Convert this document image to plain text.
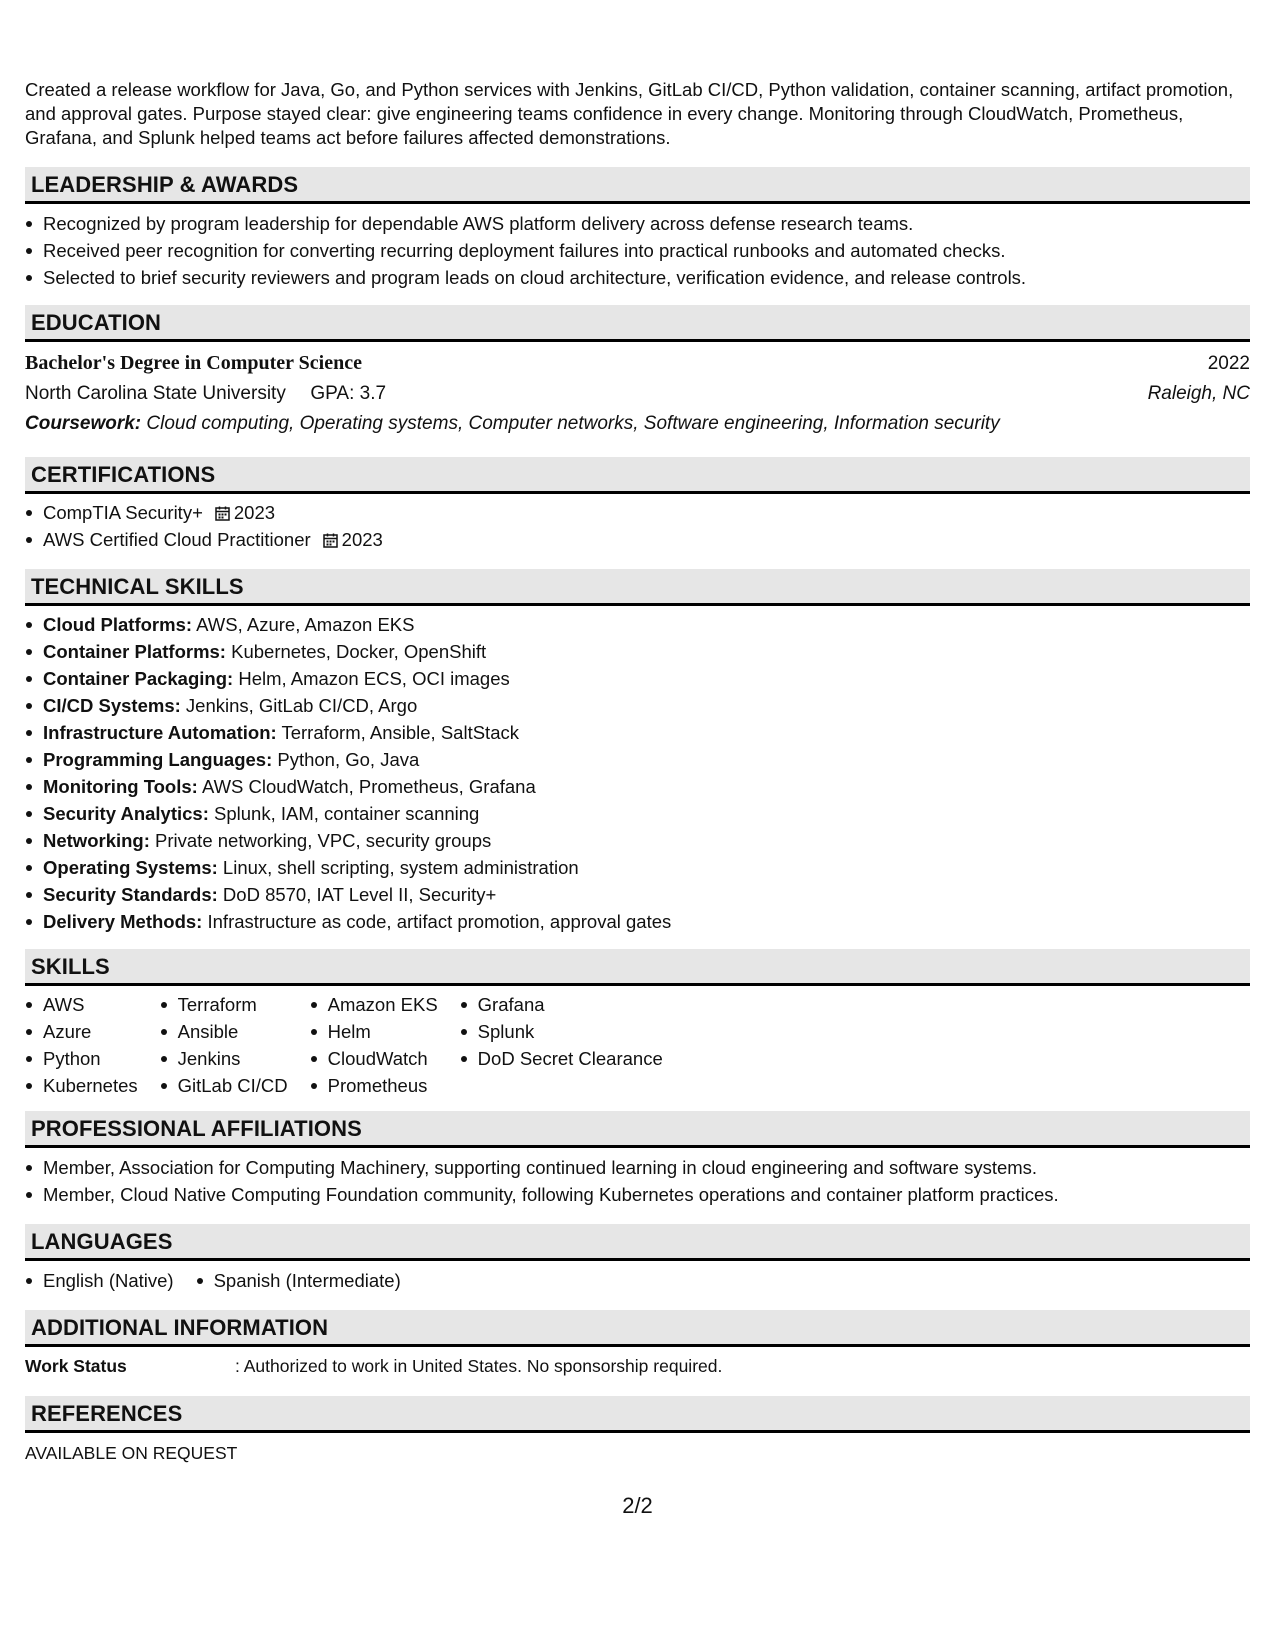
Created a release workflow for Java, Go, and Python services with Jenkins, GitLab CI/CD, Python validation, container scanning, artifact promotion, and approval gates. Purpose stayed clear: give engineering teams confidence in every change. Monitoring through CloudWatch, Prometheus, Grafana, and Splunk helped teams act before failures affected demonstrations.
LEADERSHIP & AWARDS
Recognized by program leadership for dependable AWS platform delivery across defense research teams.
Received peer recognition for converting recurring deployment failures into practical runbooks and automated checks.
Selected to brief security reviewers and program leads on cloud architecture, verification evidence, and release controls.
EDUCATION
Bachelor's Degree in Computer Science	2022
North Carolina State University GPA: 3.7	Raleigh, NC
Coursework: Cloud computing, Operating systems, Computer networks, Software engineering, Information security
CERTIFICATIONS
CompTIA Security+ 2023
AWS Certified Cloud Practitioner 2023
TECHNICAL SKILLS
Cloud Platforms: AWS, Azure, Amazon EKS
Container Platforms: Kubernetes, Docker, OpenShift
Container Packaging: Helm, Amazon ECS, OCI images
CI/CD Systems: Jenkins, GitLab CI/CD, Argo
Infrastructure Automation: Terraform, Ansible, SaltStack
Programming Languages: Python, Go, Java
Monitoring Tools: AWS CloudWatch, Prometheus, Grafana
Security Analytics: Splunk, IAM, container scanning
Networking: Private networking, VPC, security groups
Operating Systems: Linux, shell scripting, system administration
Security Standards: DoD 8570, IAT Level II, Security+
Delivery Methods: Infrastructure as code, artifact promotion, approval gates
SKILLS
AWS
Azure
Python
Kubernetes
Terraform
Ansible
Jenkins
GitLab CI/CD
Amazon EKS
Helm
CloudWatch
Prometheus
Grafana
Splunk
DoD Secret Clearance
PROFESSIONAL AFFILIATIONS
Member, Association for Computing Machinery, supporting continued learning in cloud engineering and software systems.
Member, Cloud Native Computing Foundation community, following Kubernetes operations and container platform practices.
LANGUAGES
English (Native)	Spanish (Intermediate)
ADDITIONAL INFORMATION
Work Status	: Authorized to work in United States. No sponsorship required.
REFERENCES
AVAILABLE ON REQUEST
2/2
